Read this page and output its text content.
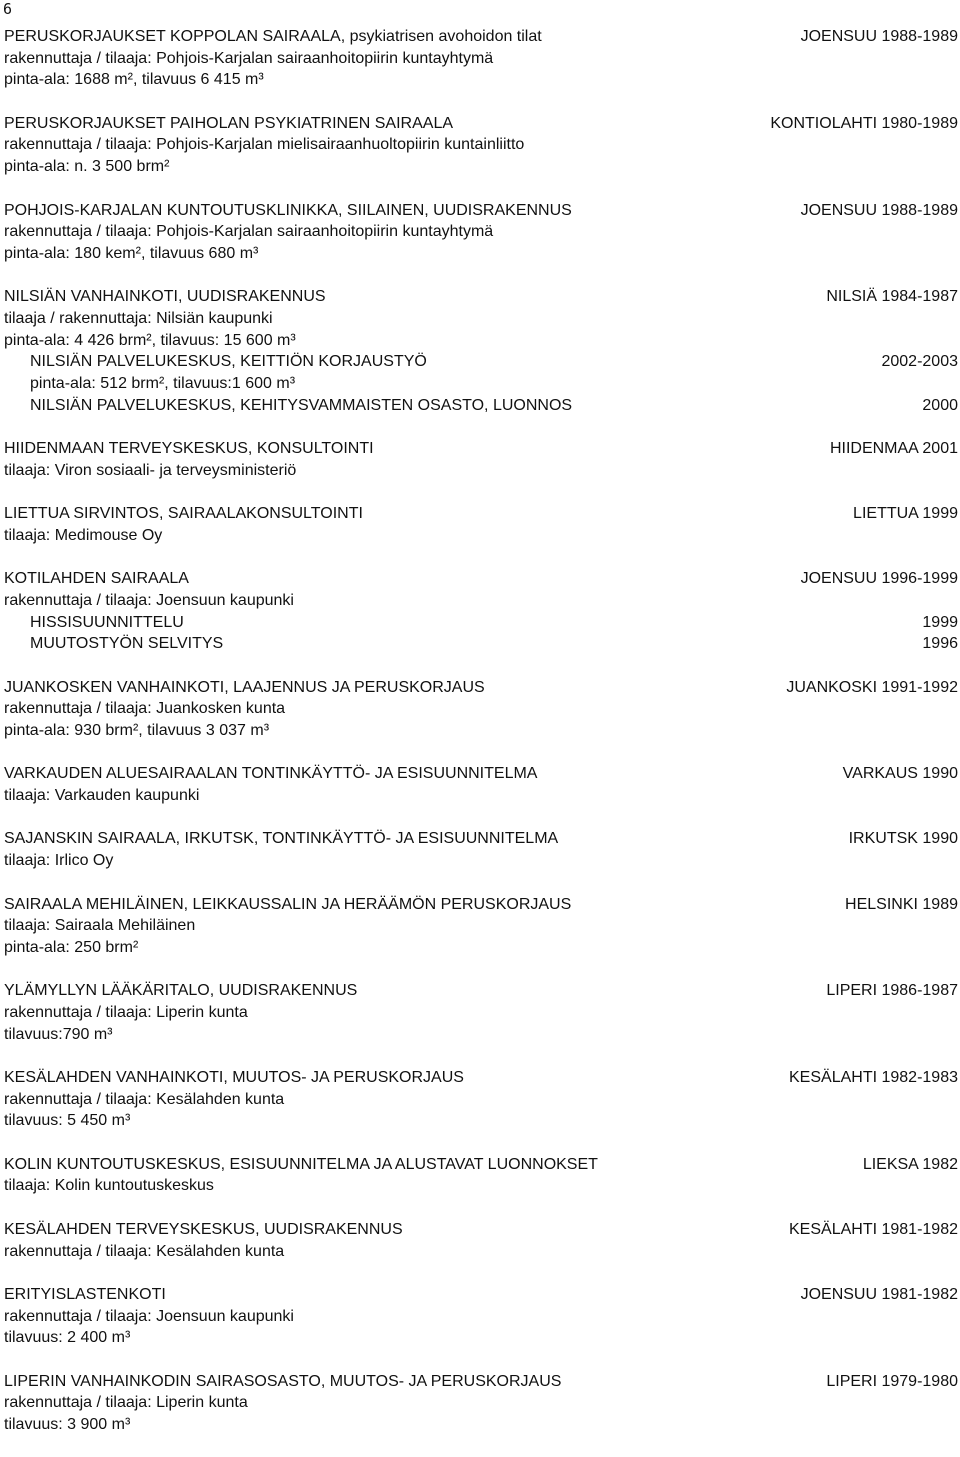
6
PERUSKORJAUKSET KOPPOLAN SAIRAALA, psykiatrisen avohoidon tilat	JOENSUU 1988-1989
rakennuttaja / tilaaja: Pohjois-Karjalan sairaanhoitopiirin kuntayhtymä
pinta-ala: 1688 m², tilavuus 6 415 m³
PERUSKORJAUKSET PAIHOLAN PSYKIATRINEN SAIRAALA	KONTIOLAHTI 1980-1989
rakennuttaja / tilaaja: Pohjois-Karjalan mielisairaanhuoltopiirin kuntainliitto
pinta-ala: n. 3 500 brm²
POHJOIS-KARJALAN KUNTOUTUSKLINIKKA, SIILAINEN, UUDISRAKENNUS	JOENSUU 1988-1989
rakennuttaja / tilaaja: Pohjois-Karjalan sairaanhoitopiirin kuntayhtymä
pinta-ala: 180 kem², tilavuus 680 m³
NILSIÄN VANHAINKOTI, UUDISRAKENNUS	NILSIÄ 1984-1987
tilaaja / rakennuttaja: Nilsiän kaupunki
pinta-ala: 4 426 brm², tilavuus: 15 600 m³
NILSIÄN PALVELUKESKUS, KEITTIÖN KORJAUSTYÖ	2002-2003
pinta-ala: 512 brm², tilavuus:1 600 m³
NILSIÄN PALVELUKESKUS, KEHITYSVAMMAISTEN OSASTO, LUONNOS	2000
HIIDENMAAN TERVEYSKESKUS, KONSULTOINTI	HIIDENMAA 2001
tilaaja: Viron sosiaali- ja terveysministeriö
LIETTUA SIRVINTOS, SAIRAALAKONSULTOINTI	LIETTUA 1999
tilaaja: Medimouse Oy
KOTILAHDEN SAIRAALA	JOENSUU 1996-1999
rakennuttaja / tilaaja: Joensuun kaupunki
HISSISUUNNITTELU	1999
MUUTOSTYÖN SELVITYS	1996
JUANKOSKEN VANHAINKOTI, LAAJENNUS JA PERUSKORJAUS	JUANKOSKI 1991-1992
rakennuttaja / tilaaja: Juankosken kunta
pinta-ala: 930 brm², tilavuus 3 037 m³
VARKAUDEN ALUESAIRAALAN TONTINKÄYTTÖ- JA ESISUUNNITELMA	VARKAUS 1990
tilaaja: Varkauden kaupunki
SAJANSKIN SAIRAALA, IRKUTSK, TONTINKÄYTTÖ- JA ESISUUNNITELMA	IRKUTSK 1990
tilaaja: Irlico Oy
SAIRAALA MEHILÄINEN, LEIKKAUSSALIN JA HERÄÄMÖN PERUSKORJAUS	HELSINKI 1989
tilaaja: Sairaala Mehiläinen
pinta-ala: 250 brm²
YLÄMYLLYN LÄÄKÄRITALO, UUDISRAKENNUS	LIPERI 1986-1987
rakennuttaja / tilaaja: Liperin kunta
tilavuus:790 m³
KESÄLAHDEN VANHAINKOTI, MUUTOS- JA PERUSKORJAUS	KESÄLAHTI 1982-1983
rakennuttaja / tilaaja: Kesälahden kunta
tilavuus: 5 450 m³
KOLIN KUNTOUTUSKESKUS, ESISUUNNITELMA JA ALUSTAVAT LUONNOKSET	LIEKSA 1982
tilaaja: Kolin kuntoutuskeskus
KESÄLAHDEN TERVEYSKESKUS, UUDISRAKENNUS	KESÄLAHTI 1981-1982
rakennuttaja / tilaaja: Kesälahden kunta
ERITYISLASTENKOTI	JOENSUU 1981-1982
rakennuttaja / tilaaja: Joensuun kaupunki
tilavuus: 2 400 m³
LIPERIN VANHAINKODIN SAIRASOSASTO, MUUTOS- JA PERUSKORJAUS	LIPERI 1979-1980
rakennuttaja / tilaaja: Liperin kunta
tilavuus: 3 900 m³
